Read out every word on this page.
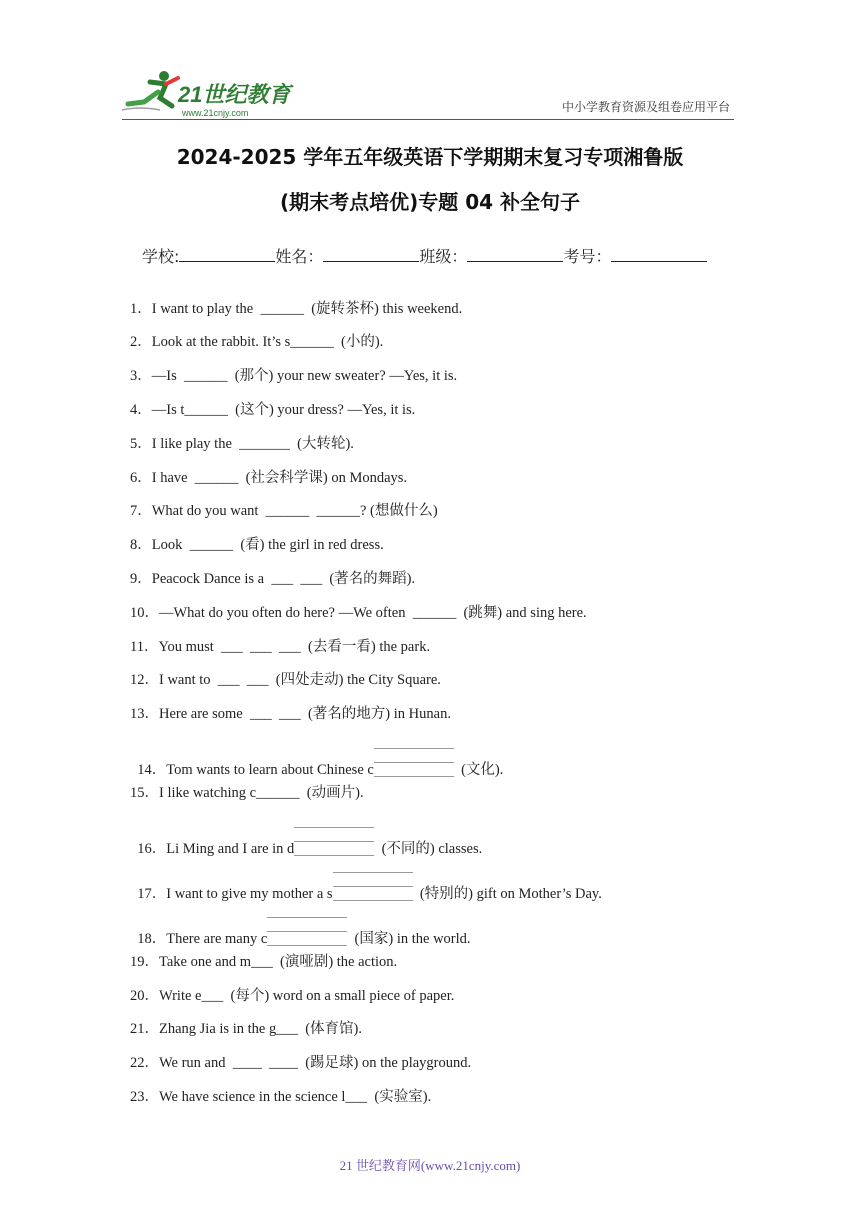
21世纪教育
www.21cnjy.com	中小学教育资源及组卷应用平台
2024-2025 学年五年级英语下学期期末复习专项湘鲁版
(期末考点培优)专题 04 补全句子
学校:	姓名：	班级：	考号：
1．I want to play the  ______  (旋转茶杯) this weekend.
2．Look at the rabbit. It’s s______  (小的).
3．—Is  ______  (那个) your new sweater? —Yes, it is.
4．—Is t______  (这个) your dress? —Yes, it is.
5．I like play the  _______  (大转轮).
6．I have  ______  (社会科学课) on Mondays.
7．What do you want  ______  ______? (想做什么)
8．Look  ______  (看) the girl in red dress.
9．Peacock Dance is a  ___  ___  (著名的舞蹈).
10．—What do you often do here? —We often  ______  (跳舞) and sing here.
11．You must  ___  ___  ___  (去看一看) the park.
12．I want to  ___  ___  (四处走动) the City Square.
13．Here are some  ___  ___  (著名的地方) in Hunan.

14．Tom wants to learn about Chinese c	(文化).

15．I like watching c______  (动画片).

16．Li Ming and I are in d	(不同的) classes.

17．I want to give my mother a s	(特别的) gift on Mother’s Day.

18．There are many c	(国家) in the world.

19．Take one and m___  (演哑剧) the action.
20．Write e___  (每个) word on a small piece of paper.
21．Zhang Jia is in the g___  (体育馆).
22．We run and  ____  ____  (踢足球) on the playground.
23．We have science in the science l___  (实验室).
21 世纪教育网(www.21cnjy.com)
